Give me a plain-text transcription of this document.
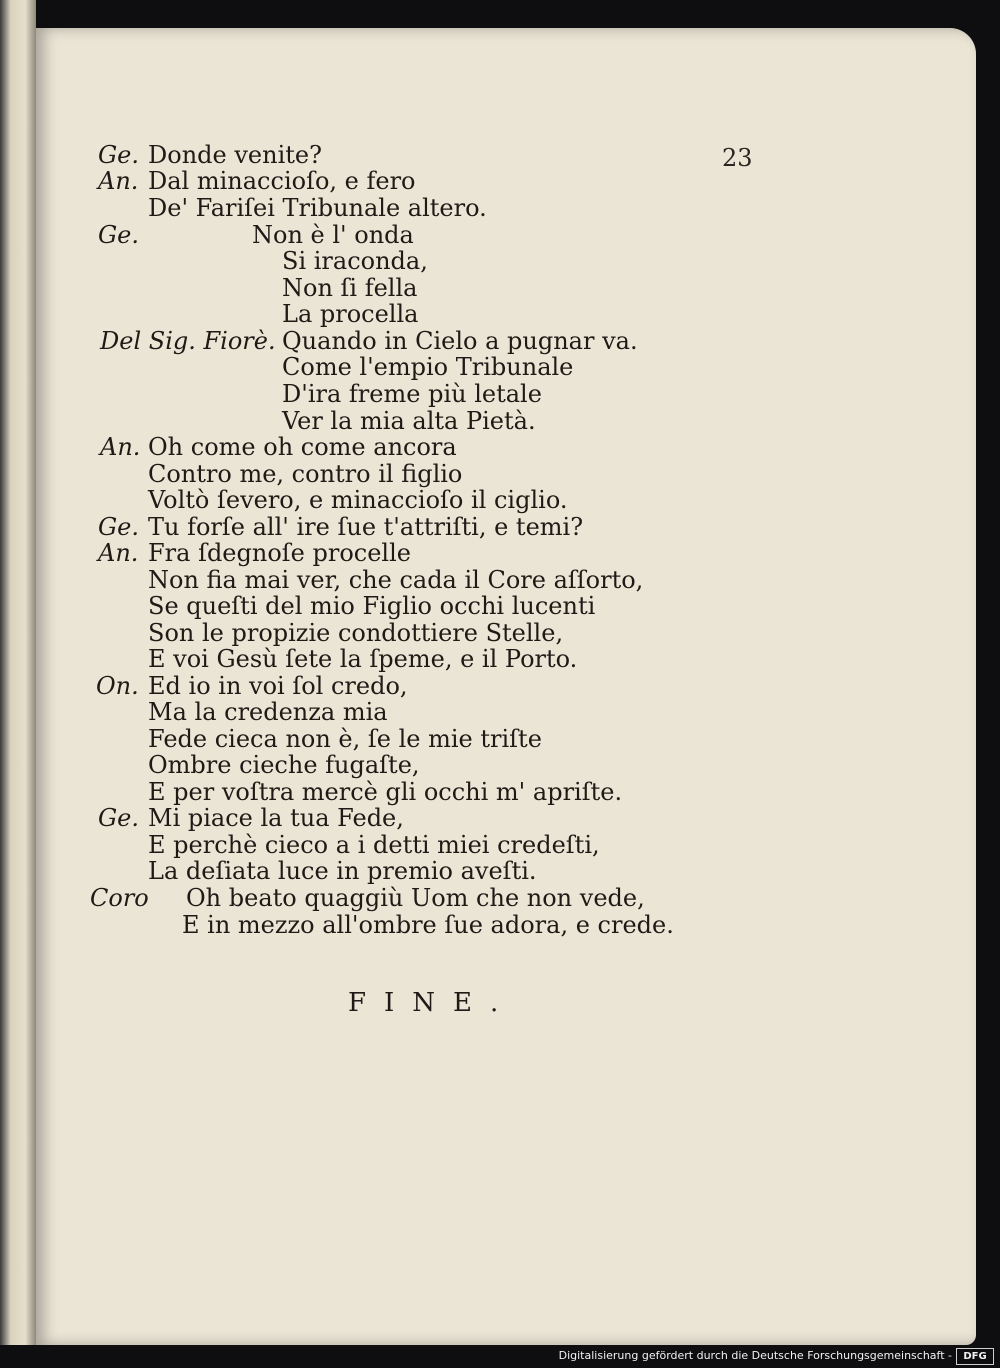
23
Ge. Donde venite?
An. Dal minaccioſo, e fero
De' Fariſei Tribunale altero.
Ge.	Non è l' onda
Si iraconda,
Non ſi fella
La procella
Del Sig. Fiorè. Quando in Cielo a pugnar va.
Come l'empio Tribunale
D'ira freme più letale
Ver la mia alta Pietà.
An. Oh come oh come ancora
Contro me, contro il figlio
Voltò ſevero, e minaccioſo il ciglio.
Ge. Tu forſe all' ire ſue t'attriſti, e temi?
An. Fra ſdegnoſe procelle
Non fia mai ver, che cada il Core aſſorto,
Se queſti del mio Figlio occhi lucenti
Son le propizie condottiere Stelle,
E voi Gesù ſete la ſpeme, e il Porto.
On. Ed io in voi ſol credo,
Ma la credenza mia
Fede cieca non è, ſe le mie triſte
Ombre cieche fugaſte,
E per voſtra mercè gli occhi m' apriſte.
Ge. Mi piace la tua Fede,
E perchè cieco a i detti miei credeſti,
La deſiata luce in premio aveſti.
Coro Oh beato quaggiù Uom che non vede,
E in mezzo all'ombre ſue adora, e crede.
FINE.
Digitalisierung gefördert durch die Deutsche Forschungsgemeinschaft -	DFG
